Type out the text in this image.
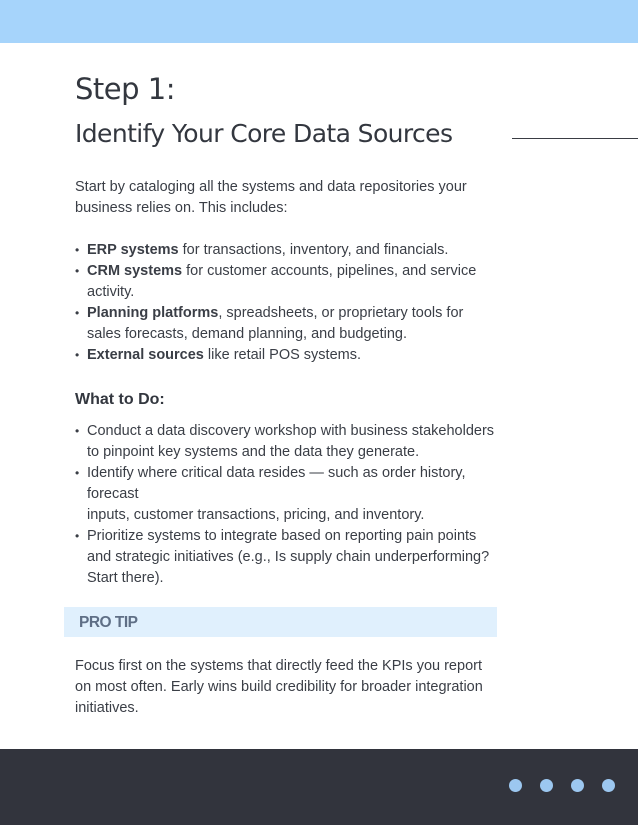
Step 1:
Identify Your Core Data Sources

Start by cataloging all the systems and data repositories your business relies on. This includes:

• ERP systems for transactions, inventory, and financials.
• CRM systems for customer accounts, pipelines, and service activity.
• Planning platforms, spreadsheets, or proprietary tools for sales forecasts, demand planning, and budgeting.
• External sources like retail POS systems.
What to Do:
• Conduct a data discovery workshop with business stakeholders to pinpoint key systems and the data they generate.
• Identify where critical data resides — such as order history, forecast
inputs, customer transactions, pricing, and inventory.
• Prioritize systems to integrate based on reporting pain points and strategic initiatives (e.g., Is supply chain underperforming? Start there).

Focus first on the systems that directly feed the KPIs you report on most often. Early wins build credibility for broader integration initiatives.

PRO TIP
